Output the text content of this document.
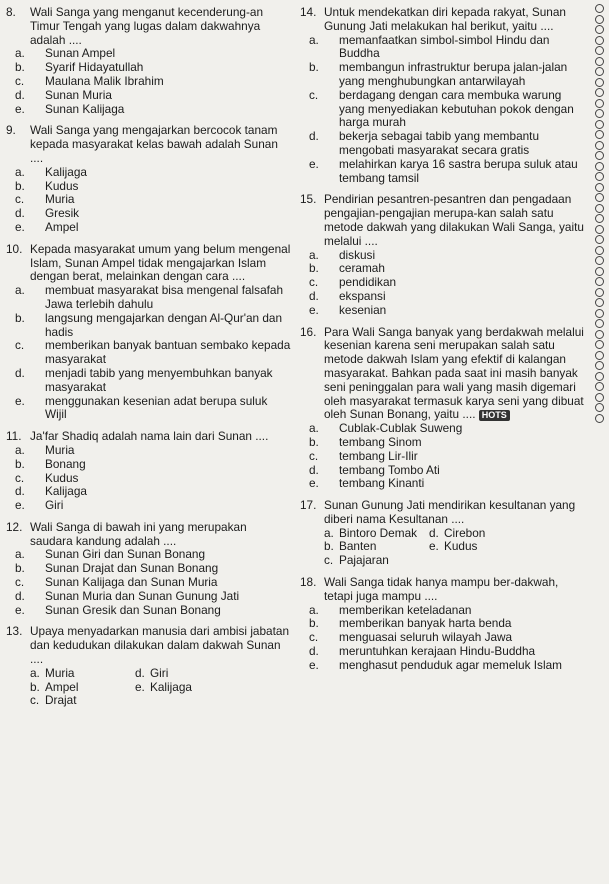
8.	Wali Sanga yang menganut kecenderung-an Timur Tengah yang lugas dalam dakwahnya adalah ....
a. Sunan Ampel
b. Syarif Hidayatullah
c. Maulana Malik Ibrahim
d. Sunan Muria
e. Sunan Kalijaga
9.	Wali Sanga yang mengajarkan bercocok tanam kepada masyarakat kelas bawah adalah Sunan ....
a. Kalijaga
b. Kudus
c. Muria
d. Gresik
e. Ampel
10. Kepada masyarakat umum yang belum mengenal Islam, Sunan Ampel tidak mengajarkan Islam dengan berat, melainkan dengan cara ....
a. membuat masyarakat bisa mengenal falsafah Jawa terlebih dahulu
b. langsung mengajarkan dengan Al-Qur'an dan hadis
c. memberikan banyak bantuan sembako kepada masyarakat
d. menjadi tabib yang menyembuhkan banyak masyarakat
e. menggunakan kesenian adat berupa suluk Wijil
11. Ja'far Shadiq adalah nama lain dari Sunan ....
a. Muria
b. Bonang
c. Kudus
d. Kalijaga
e. Giri
12. Wali Sanga di bawah ini yang merupakan saudara kandung adalah ....
a. Sunan Giri dan Sunan Bonang
b. Sunan Drajat dan Sunan Bonang
c. Sunan Kalijaga dan Sunan Muria
d. Sunan Muria dan Sunan Gunung Jati
e. Sunan Gresik dan Sunan Bonang
13. Upaya menyadarkan manusia dari ambisi jabatan dan kedudukan dilakukan dalam dakwah Sunan ....
a. Muria	d. Giri
b. Ampel	e. Kalijaga
c. Drajat
14. Untuk mendekatkan diri kepada rakyat, Sunan Gunung Jati melakukan hal berikut, yaitu ....
a. memanfaatkan simbol-simbol Hindu dan Buddha
b. membangun infrastruktur berupa jalan-jalan yang menghubungkan antarwilayah
c. berdagang dengan cara membuka warung yang menyediakan kebutuhan pokok dengan harga murah
d. bekerja sebagai tabib yang membantu mengobati masyarakat secara gratis
e. melahirkan karya 16 sastra berupa suluk atau tembang tamsil
15. Pendirian pesantren-pesantren dan pengadaan pengajian-pengajian merupa-kan salah satu metode dakwah yang dilakukan Wali Sanga, yaitu melalui ....
a. diskusi
b. ceramah
c. pendidikan
d. ekspansi
e. kesenian
16. Para Wali Sanga banyak yang berdakwah melalui kesenian karena seni merupakan salah satu metode dakwah Islam yang efektif di kalangan masyarakat. Bahkan pada saat ini masih banyak seni peninggalan para wali yang masih digemari oleh masyarakat termasuk karya seni yang dibuat oleh Sunan Bonang, yaitu .... HOTS
a. Cublak-Cublak Suweng
b. tembang Sinom
c. tembang Lir-Ilir
d. tembang Tombo Ati
e. tembang Kinanti
17. Sunan Gunung Jati mendirikan kesultanan yang diberi nama Kesultanan ....
a. Bintoro Demak	d. Cirebon
b. Banten	e. Kudus
c. Pajajaran
18. Wali Sanga tidak hanya mampu ber-dakwah, tetapi juga mampu ....
a. memberikan keteladanan
b. memberikan banyak harta benda
c. menguasai seluruh wilayah Jawa
d. meruntuhkan kerajaan Hindu-Buddha
e. menghasut penduduk agar memeluk Islam
